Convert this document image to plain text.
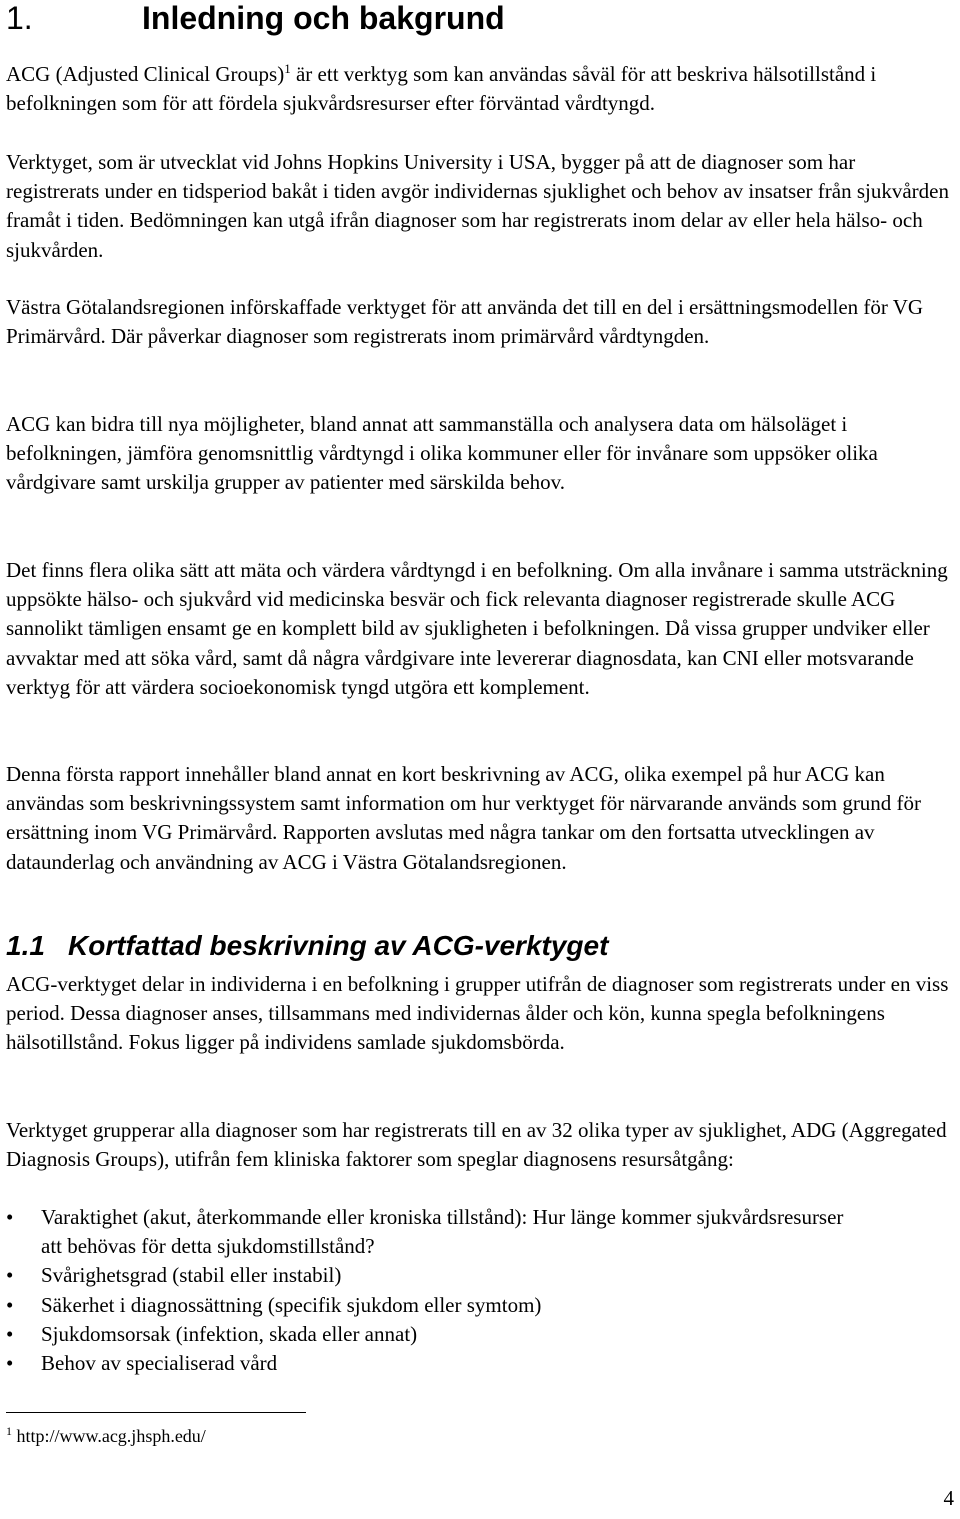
1.	Inledning och bakgrund

ACG (Adjusted Clinical Groups)$^1$ är ett verktyg som kan användas såväl för att beskriva hälsotillstånd i befolkningen som för att fördela sjukvårdsresurser efter förväntad vårdtyngd.

Verktyget, som är utvecklat vid Johns Hopkins University i USA, bygger på att de diagnoser som har registrerats under en tidsperiod bakåt i tiden avgör individernas sjuklighet och behov av insatser från sjukvården framåt i tiden. Bedömningen kan utgå ifrån diagnoser som har registrerats inom delar av eller hela hälso- och sjukvården.

Västra Götalandsregionen införskaffade verktyget för att använda det till en del i ersättningsmodellen för VG Primärvård. Där påverkar diagnoser som registrerats inom primärvård vårdtyngden.

ACG kan bidra till nya möjligheter, bland annat att sammanställa och analysera data om hälsoläget i befolkningen, jämföra genomsnittlig vårdtyngd i olika kommuner eller för invånare som uppsöker olika vårdgivare samt urskilja grupper av patienter med särskilda behov.

Det finns flera olika sätt att mäta och värdera vårdtyngd i en befolkning. Om alla invånare i samma utsträckning uppsökte hälso- och sjukvård vid medicinska besvär och fick relevanta diagnoser registrerade skulle ACG sannolikt tämligen ensamt ge en komplett bild av sjukligheten i befolkningen. Då vissa grupper undviker eller avvaktar med att söka vård, samt då några vårdgivare inte levererar diagnosdata, kan CNI eller motsvarande verktyg för att värdera socioekonomisk tyngd utgöra ett komplement.

Denna första rapport innehåller bland annat en kort beskrivning av ACG, olika exempel på hur ACG kan användas som beskrivningssystem samt information om hur verktyget för närvarande används som grund för ersättning inom VG Primärvård. Rapporten avslutas med några tankar om den fortsatta utvecklingen av dataunderlag och användning av ACG i Västra Götalandsregionen.

1.1 Kortfattad beskrivning av ACG-verktyget

ACG-verktyget delar in individerna i en befolkning i grupper utifrån de diagnoser som registrerats under en viss period. Dessa diagnoser anses, tillsammans med individernas ålder och kön, kunna spegla befolkningens hälsotillstånd. Fokus ligger på individens samlade sjukdomsbörda.

Verktyget grupperar alla diagnoser som har registrerats till en av 32 olika typer av sjuklighet, ADG (Aggregated Diagnosis Groups), utifrån fem kliniska faktorer som speglar diagnosens resursåtgång:

• Varaktighet (akut, återkommande eller kroniska tillstånd): Hur länge kommer sjukvårdsresurser att behövas för detta sjukdomstillstånd?
• Svårighetsgrad (stabil eller instabil)
• Säkerhet i diagnossättning (specifik sjukdom eller symtom)
• Sjukdomsorsak (infektion, skada eller annat)
• Behov av specialiserad vård
$^1$ http://www.acg.jhsph.edu/
4
